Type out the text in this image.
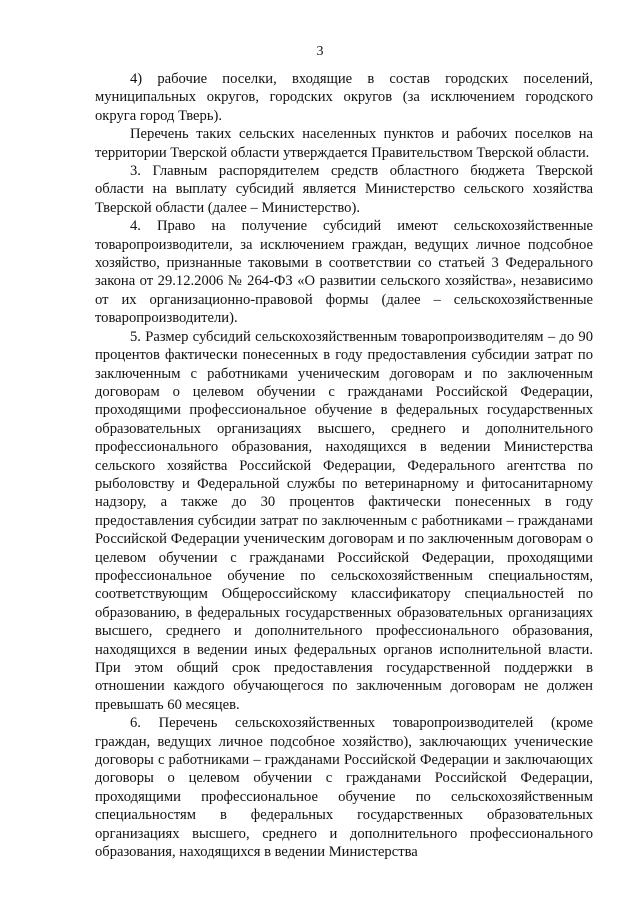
3

4) рабочие поселки, входящие в состав городских поселений, муниципальных округов, городских округов (за исключением городского округа город Тверь).

Перечень таких сельских населенных пунктов и рабочих поселков на территории Тверской области утверждается Правительством Тверской области.

3. Главным распорядителем средств областного бюджета Тверской области на выплату субсидий является Министерство сельского хозяйства Тверской области (далее – Министерство).

4. Право на получение субсидий имеют сельскохозяйственные товаропроизводители, за исключением граждан, ведущих личное подсобное хозяйство, признанные таковыми в соответствии со статьей 3 Федерального закона от 29.12.2006 № 264-ФЗ «О развитии сельского хозяйства», независимо от их организационно-правовой формы (далее – сельскохозяйственные товаропроизводители).

5. Размер субсидий сельскохозяйственным товаропроизводителям – до 90 процентов фактически понесенных в году предоставления субсидии затрат по заключенным с работниками ученическим договорам и по заключенным договорам о целевом обучении с гражданами Российской Федерации, проходящими профессиональное обучение в федеральных государственных образовательных организациях высшего, среднего и дополнительного профессионального образования, находящихся в ведении Министерства сельского хозяйства Российской Федерации, Федерального агентства по рыболовству и Федеральной службы по ветеринарному и фитосанитарному надзору, а также до 30 процентов фактически понесенных в году предоставления субсидии затрат по заключенным с работниками – гражданами Российской Федерации ученическим договорам и по заключенным договорам о целевом обучении с гражданами Российской Федерации, проходящими профессиональное обучение по сельскохозяйственным специальностям, соответствующим Общероссийскому классификатору специальностей по образованию, в федеральных государственных образовательных организациях высшего, среднего и дополнительного профессионального образования, находящихся в ведении иных федеральных органов исполнительной власти. При этом общий срок предоставления государственной поддержки в отношении каждого обучающегося по заключенным договорам не должен превышать 60 месяцев.

6. Перечень сельскохозяйственных товаропроизводителей (кроме граждан, ведущих личное подсобное хозяйство), заключающих ученические договоры с работниками – гражданами Российской Федерации и заключающих договоры о целевом обучении с гражданами Российской Федерации, проходящими профессиональное обучение по сельскохозяйственным специальностям в федеральных государственных образовательных организациях высшего, среднего и дополнительного профессионального образования, находящихся в ведении Министерства
